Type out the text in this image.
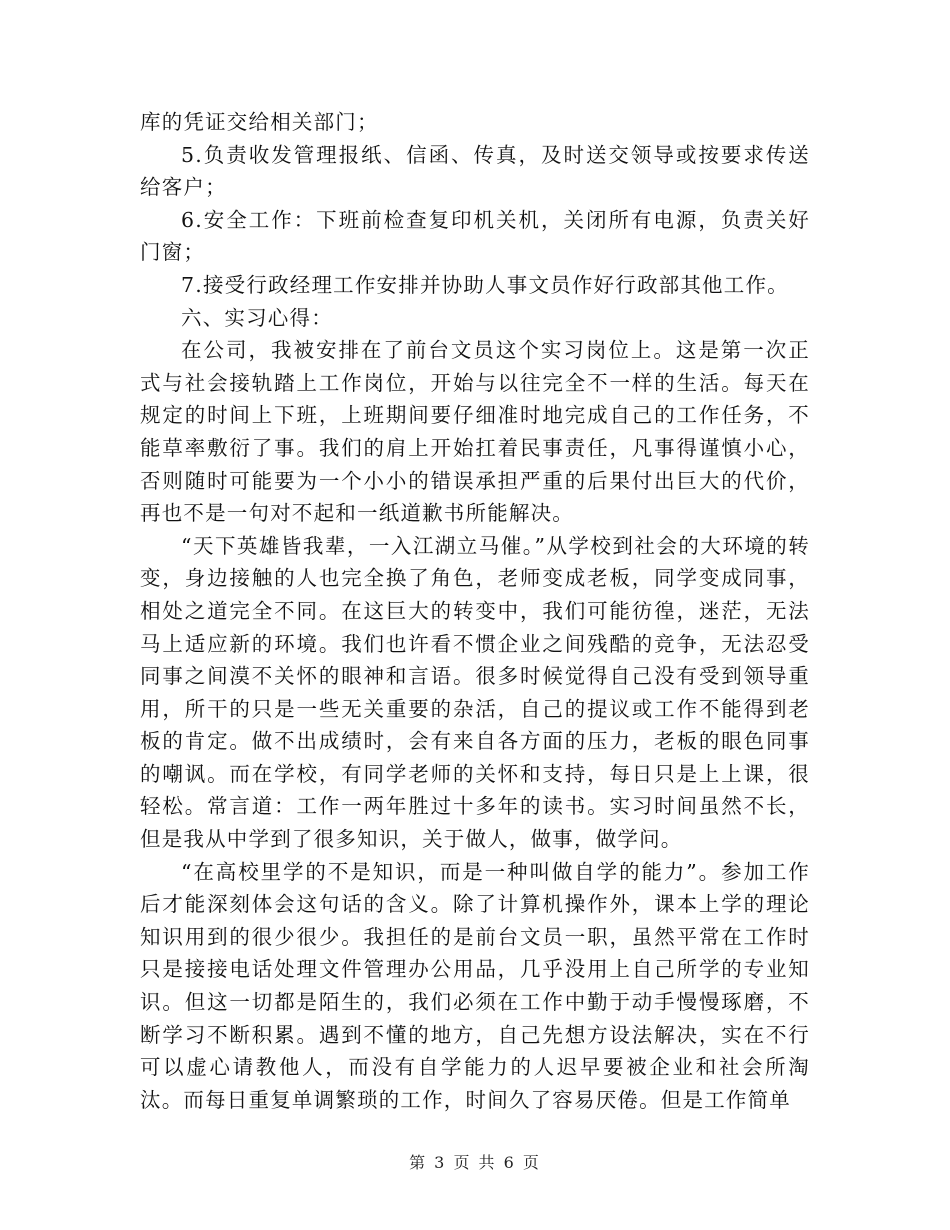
库的凭证交给相关部门；

5.负责收发管理报纸、信函、传真，及时送交领导或按要求传送给客户；

6.安全工作：下班前检查复印机关机，关闭所有电源，负责关好门窗；

7.接受行政经理工作安排并协助人事文员作好行政部其他工作。

六、实习心得：

在公司，我被安排在了前台文员这个实习岗位上。这是第一次正式与社会接轨踏上工作岗位，开始与以往完全不一样的生活。每天在规定的时间上下班，上班期间要仔细准时地完成自己的工作任务，不能草率敷衍了事。我们的肩上开始扛着民事责任，凡事得谨慎小心，否则随时可能要为一个小小的错误承担严重的后果付出巨大的代价，再也不是一句对不起和一纸道歉书所能解决。

“天下英雄皆我辈，一入江湖立马催。”从学校到社会的大环境的转变，身边接触的人也完全换了角色，老师变成老板，同学变成同事，相处之道完全不同。在这巨大的转变中，我们可能彷徨，迷茫，无法马上适应新的环境。我们也许看不惯企业之间残酷的竞争，无法忍受同事之间漠不关怀的眼神和言语。很多时候觉得自己没有受到领导重用，所干的只是一些无关重要的杂活，自己的提议或工作不能得到老板的肯定。做不出成绩时，会有来自各方面的压力，老板的眼色同事的嘲讽。而在学校，有同学老师的关怀和支持，每日只是上上课，很轻松。常言道：工作一两年胜过十多年的读书。实习时间虽然不长，但是我从中学到了很多知识，关于做人，做事，做学问。

“在高校里学的不是知识，而是一种叫做自学的能力”。参加工作后才能深刻体会这句话的含义。除了计算机操作外，课本上学的理论知识用到的很少很少。我担任的是前台文员一职，虽然平常在工作时只是接接电话处理文件管理办公用品，几乎没用上自己所学的专业知识。但这一切都是陌生的，我们必须在工作中勤于动手慢慢琢磨，不断学习不断积累。遇到不懂的地方，自己先想方设法解决，实在不行可以虚心请教他人，而没有自学能力的人迟早要被企业和社会所淘汰。而每日重复单调繁琐的工作，时间久了容易厌倦。但是工作简单

第 3 页 共 6 页
